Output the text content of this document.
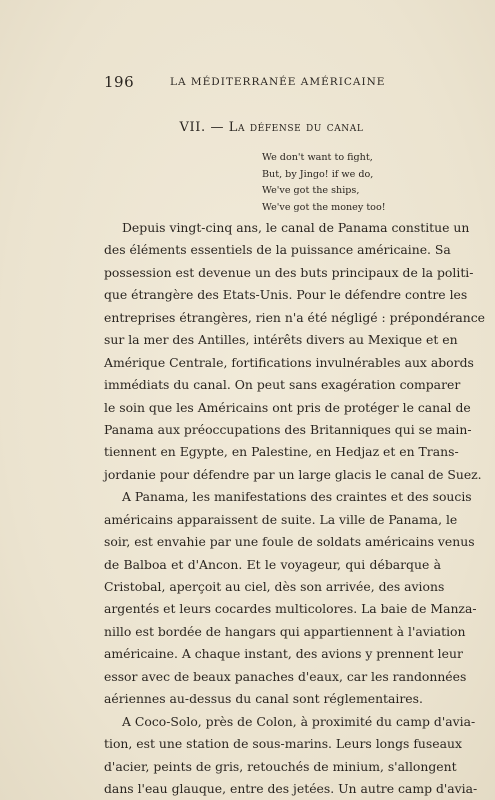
196	LA MÉDITERRANÉE AMÉRICAINE
VII. — La défense du canal
We don't want to fight,
But, by Jingo! if we do,
We've got the ships,
We've got the money too!
Depuis vingt-cinq ans, le canal de Panama constitue un
des éléments essentiels de la puissance américaine. Sa
possession est devenue un des buts principaux de la politi-
que étrangère des Etats-Unis. Pour le défendre contre les
entreprises étrangères, rien n'a été négligé : prépondérance
sur la mer des Antilles, intérêts divers au Mexique et en
Amérique Centrale, fortifications invulnérables aux abords
immédiats du canal. On peut sans exagération comparer
le soin que les Américains ont pris de protéger le canal de
Panama aux préoccupations des Britanniques qui se main-
tiennent en Egypte, en Palestine, en Hedjaz et en Trans-
jordanie pour défendre par un large glacis le canal de Suez.
A Panama, les manifestations des craintes et des soucis
américains apparaissent de suite. La ville de Panama, le
soir, est envahie par une foule de soldats américains venus
de Balboa et d'Ancon. Et le voyageur, qui débarque à
Cristobal, aperçoit au ciel, dès son arrivée, des avions
argentés et leurs cocardes multicolores. La baie de Manza-
nillo est bordée de hangars qui appartiennent à l'aviation
américaine. A chaque instant, des avions y prennent leur
essor avec de beaux panaches d'eaux, car les randonnées
aériennes au-dessus du canal sont réglementaires.
A Coco-Solo, près de Colon, à proximité du camp d'avia-
tion, est une station de sous-marins. Leurs longs fuseaux
d'acier, peints de gris, retouchés de minium, s'allongent
dans l'eau glauque, entre des jetées. Un autre camp d'avia-
